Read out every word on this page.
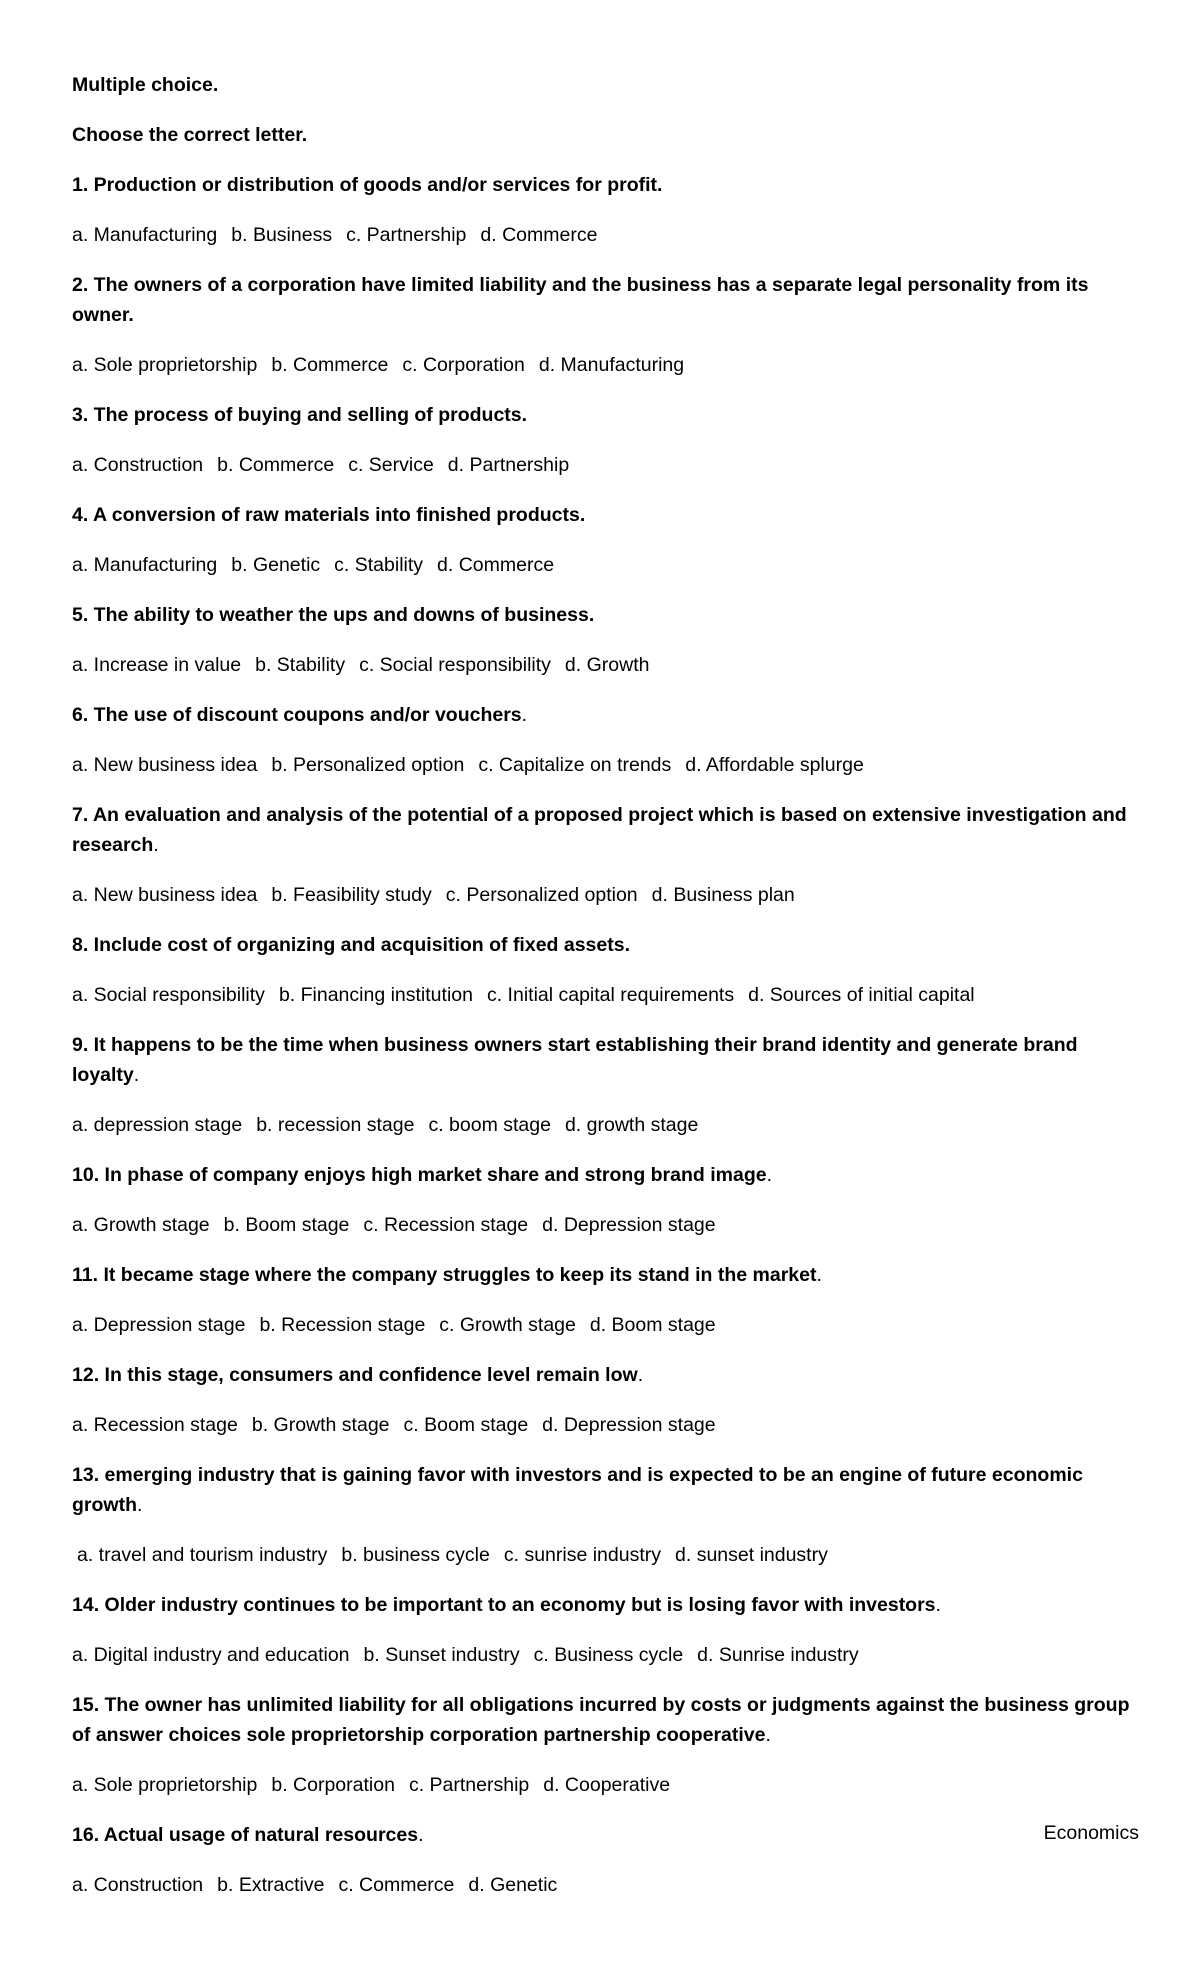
Multiple choice.
Choose the correct letter.
1. Production or distribution of goods and/or services for profit.
a. Manufacturing b. Business c. Partnership d. Commerce
2. The owners of a corporation have limited liability and the business has a separate legal personality from its owner.
a. Sole proprietorship b. Commerce c. Corporation d. Manufacturing
3. The process of buying and selling of products.
a. Construction b. Commerce c. Service d. Partnership
4. A conversion of raw materials into finished products.
a. Manufacturing b. Genetic c. Stability d. Commerce
5. The ability to weather the ups and downs of business.
a. Increase in value b. Stability c. Social responsibility d. Growth
6. The use of discount coupons and/or vouchers.
a. New business idea b. Personalized option c. Capitalize on trends d. Affordable splurge
7. An evaluation and analysis of the potential of a proposed project which is based on extensive investigation and research.
a. New business idea b. Feasibility study c. Personalized option d. Business plan
8. Include cost of organizing and acquisition of fixed assets.
a. Social responsibility b. Financing institution c. Initial capital requirements d. Sources of initial capital
9. It happens to be the time when business owners start establishing their brand identity and generate brand loyalty.
a. depression stage b. recession stage c. boom stage d. growth stage
10. In phase of company enjoys high market share and strong brand image.
a. Growth stage b. Boom stage c. Recession stage d. Depression stage
11. It became stage where the company struggles to keep its stand in the market.
a. Depression stage b. Recession stage c. Growth stage d. Boom stage
12. In this stage, consumers and confidence level remain low.
a. Recession stage b. Growth stage c. Boom stage d. Depression stage
13. emerging industry that is gaining favor with investors and is expected to be an engine of future economic growth.
a. travel and tourism industry b. business cycle c. sunrise industry d. sunset industry
14. Older industry continues to be important to an economy but is losing favor with investors.
a. Digital industry and education b. Sunset industry c. Business cycle d. Sunrise industry
15. The owner has unlimited liability for all obligations incurred by costs or judgments against the business group of answer choices sole proprietorship corporation partnership cooperative.
a. Sole proprietorship b. Corporation c. Partnership d. Cooperative
16. Actual usage of natural resources.
a. Construction b. Extractive c. Commerce d. Genetic
Economics
